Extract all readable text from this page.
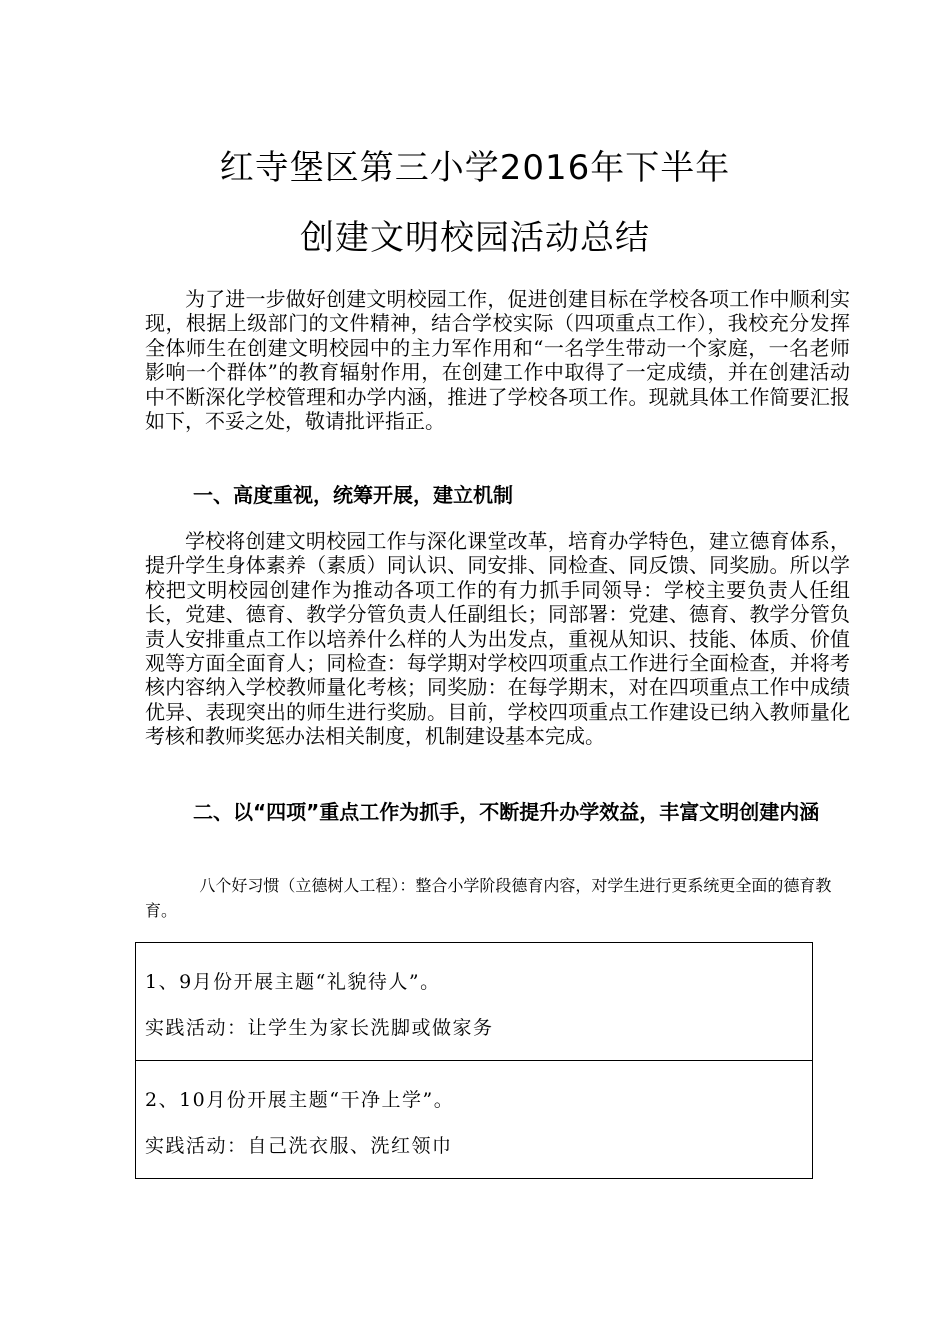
红寺堡区第三小学2016年下半年
创建文明校园活动总结

为了进一步做好创建文明校园工作，促进创建目标在学校各项工作中顺利实现，根据上级部门的文件精神，结合学校实际（四项重点工作），我校充分发挥全体师生在创建文明校园中的主力军作用和“一名学生带动一个家庭，一名老师影响一个群体”的教育辐射作用，在创建工作中取得了一定成绩，并在创建活动中不断深化学校管理和办学内涵，推进了学校各项工作。现就具体工作简要汇报如下，不妥之处，敬请批评指正。

一、高度重视，统筹开展，建立机制

学校将创建文明校园工作与深化课堂改革，培育办学特色，建立德育体系，提升学生身体素养（素质）同认识、同安排、同检查、同反馈、同奖励。所以学校把文明校园创建作为推动各项工作的有力抓手同领导：学校主要负责人任组长，党建、德育、教学分管负责人任副组长；同部署：党建、德育、教学分管负责人安排重点工作以培养什么样的人为出发点，重视从知识、技能、体质、价值观等方面全面育人；同检查：每学期对学校四项重点工作进行全面检查，并将考核内容纳入学校教师量化考核；同奖励：在每学期末，对在四项重点工作中成绩优异、表现突出的师生进行奖励。目前，学校四项重点工作建设已纳入教师量化考核和教师奖惩办法相关制度，机制建设基本完成。

二、以“四项”重点工作为抓手，不断提升办学效益，丰富文明创建内涵

八个好习惯（立德树人工程）：整合小学阶段德育内容，对学生进行更系统更全面的德育教育。

1、9月份开展主题“礼貌待人”。
实践活动：让学生为家长洗脚或做家务
2、10月份开展主题“干净上学”。
实践活动：自己洗衣服、洗红领巾
